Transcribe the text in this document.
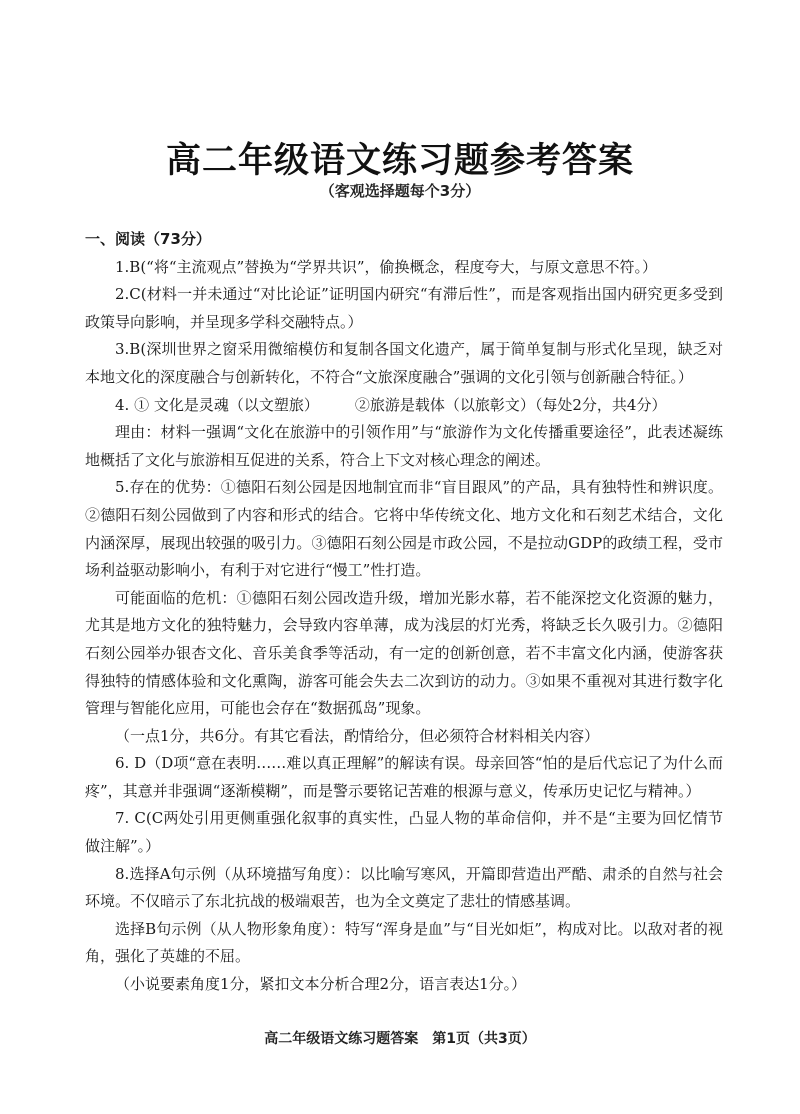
高二年级语文练习题参考答案
（客观选择题每个3分）

一、阅读（73分）

1.B(“将“主流观点”替换为“学界共识”，偷换概念，程度夸大，与原文意思不符。）

2.C(材料一并未通过“对比论证”证明国内研究“有滞后性”，而是客观指出国内研究更多受到政策导向影响，并呈现多学科交融特点。）

3.B(深圳世界之窗采用微缩模仿和复制各国文化遗产，属于简单复制与形式化呈现，缺乏对本地文化的深度融合与创新转化，不符合“文旅深度融合”强调的文化引领与创新融合特征。）

4. ① 文化是灵魂（以文塑旅） ②旅游是载体（以旅彰文）（每处2分，共4分）

理由：材料一强调“文化在旅游中的引领作用”与“旅游作为文化传播重要途径”，此表述凝练地概括了文化与旅游相互促进的关系，符合上下文对核心理念的阐述。

5.存在的优势：①德阳石刻公园是因地制宜而非“盲目跟风”的产品，具有独特性和辨识度。②德阳石刻公园做到了内容和形式的结合。它将中华传统文化、地方文化和石刻艺术结合，文化内涵深厚，展现出较强的吸引力。③德阳石刻公园是市政公园，不是拉动GDP的政绩工程，受市场利益驱动影响小，有利于对它进行“慢工”性打造。

可能面临的危机：①德阳石刻公园改造升级，增加光影水幕，若不能深挖文化资源的魅力，尤其是地方文化的独特魅力，会导致内容单薄，成为浅层的灯光秀，将缺乏长久吸引力。②德阳石刻公园举办银杏文化、音乐美食季等活动，有一定的创新创意，若不丰富文化内涵，使游客获得独特的情感体验和文化熏陶，游客可能会失去二次到访的动力。③如果不重视对其进行数字化管理与智能化应用，可能也会存在“数据孤岛”现象。

（一点1分，共6分。有其它看法，酌情给分，但必须符合材料相关内容）

6. D（D项“意在表明……难以真正理解”的解读有误。母亲回答“怕的是后代忘记了为什么而疼”，其意并非强调“逐渐模糊”，而是警示要铭记苦难的根源与意义，传承历史记忆与精神。）

7. C(C两处引用更侧重强化叙事的真实性，凸显人物的革命信仰，并不是“主要为回忆情节做注解”。）

8.选择A句示例（从环境描写角度）：以比喻写寒风，开篇即营造出严酷、肃杀的自然与社会环境。不仅暗示了东北抗战的极端艰苦，也为全文奠定了悲壮的情感基调。

选择B句示例（从人物形象角度）：特写“浑身是血”与“目光如炬”，构成对比。以敌对者的视角，强化了英雄的不屈。

（小说要素角度1分，紧扣文本分析合理2分，语言表达1分。）

高二年级语文练习题答案　第1页（共3页）
